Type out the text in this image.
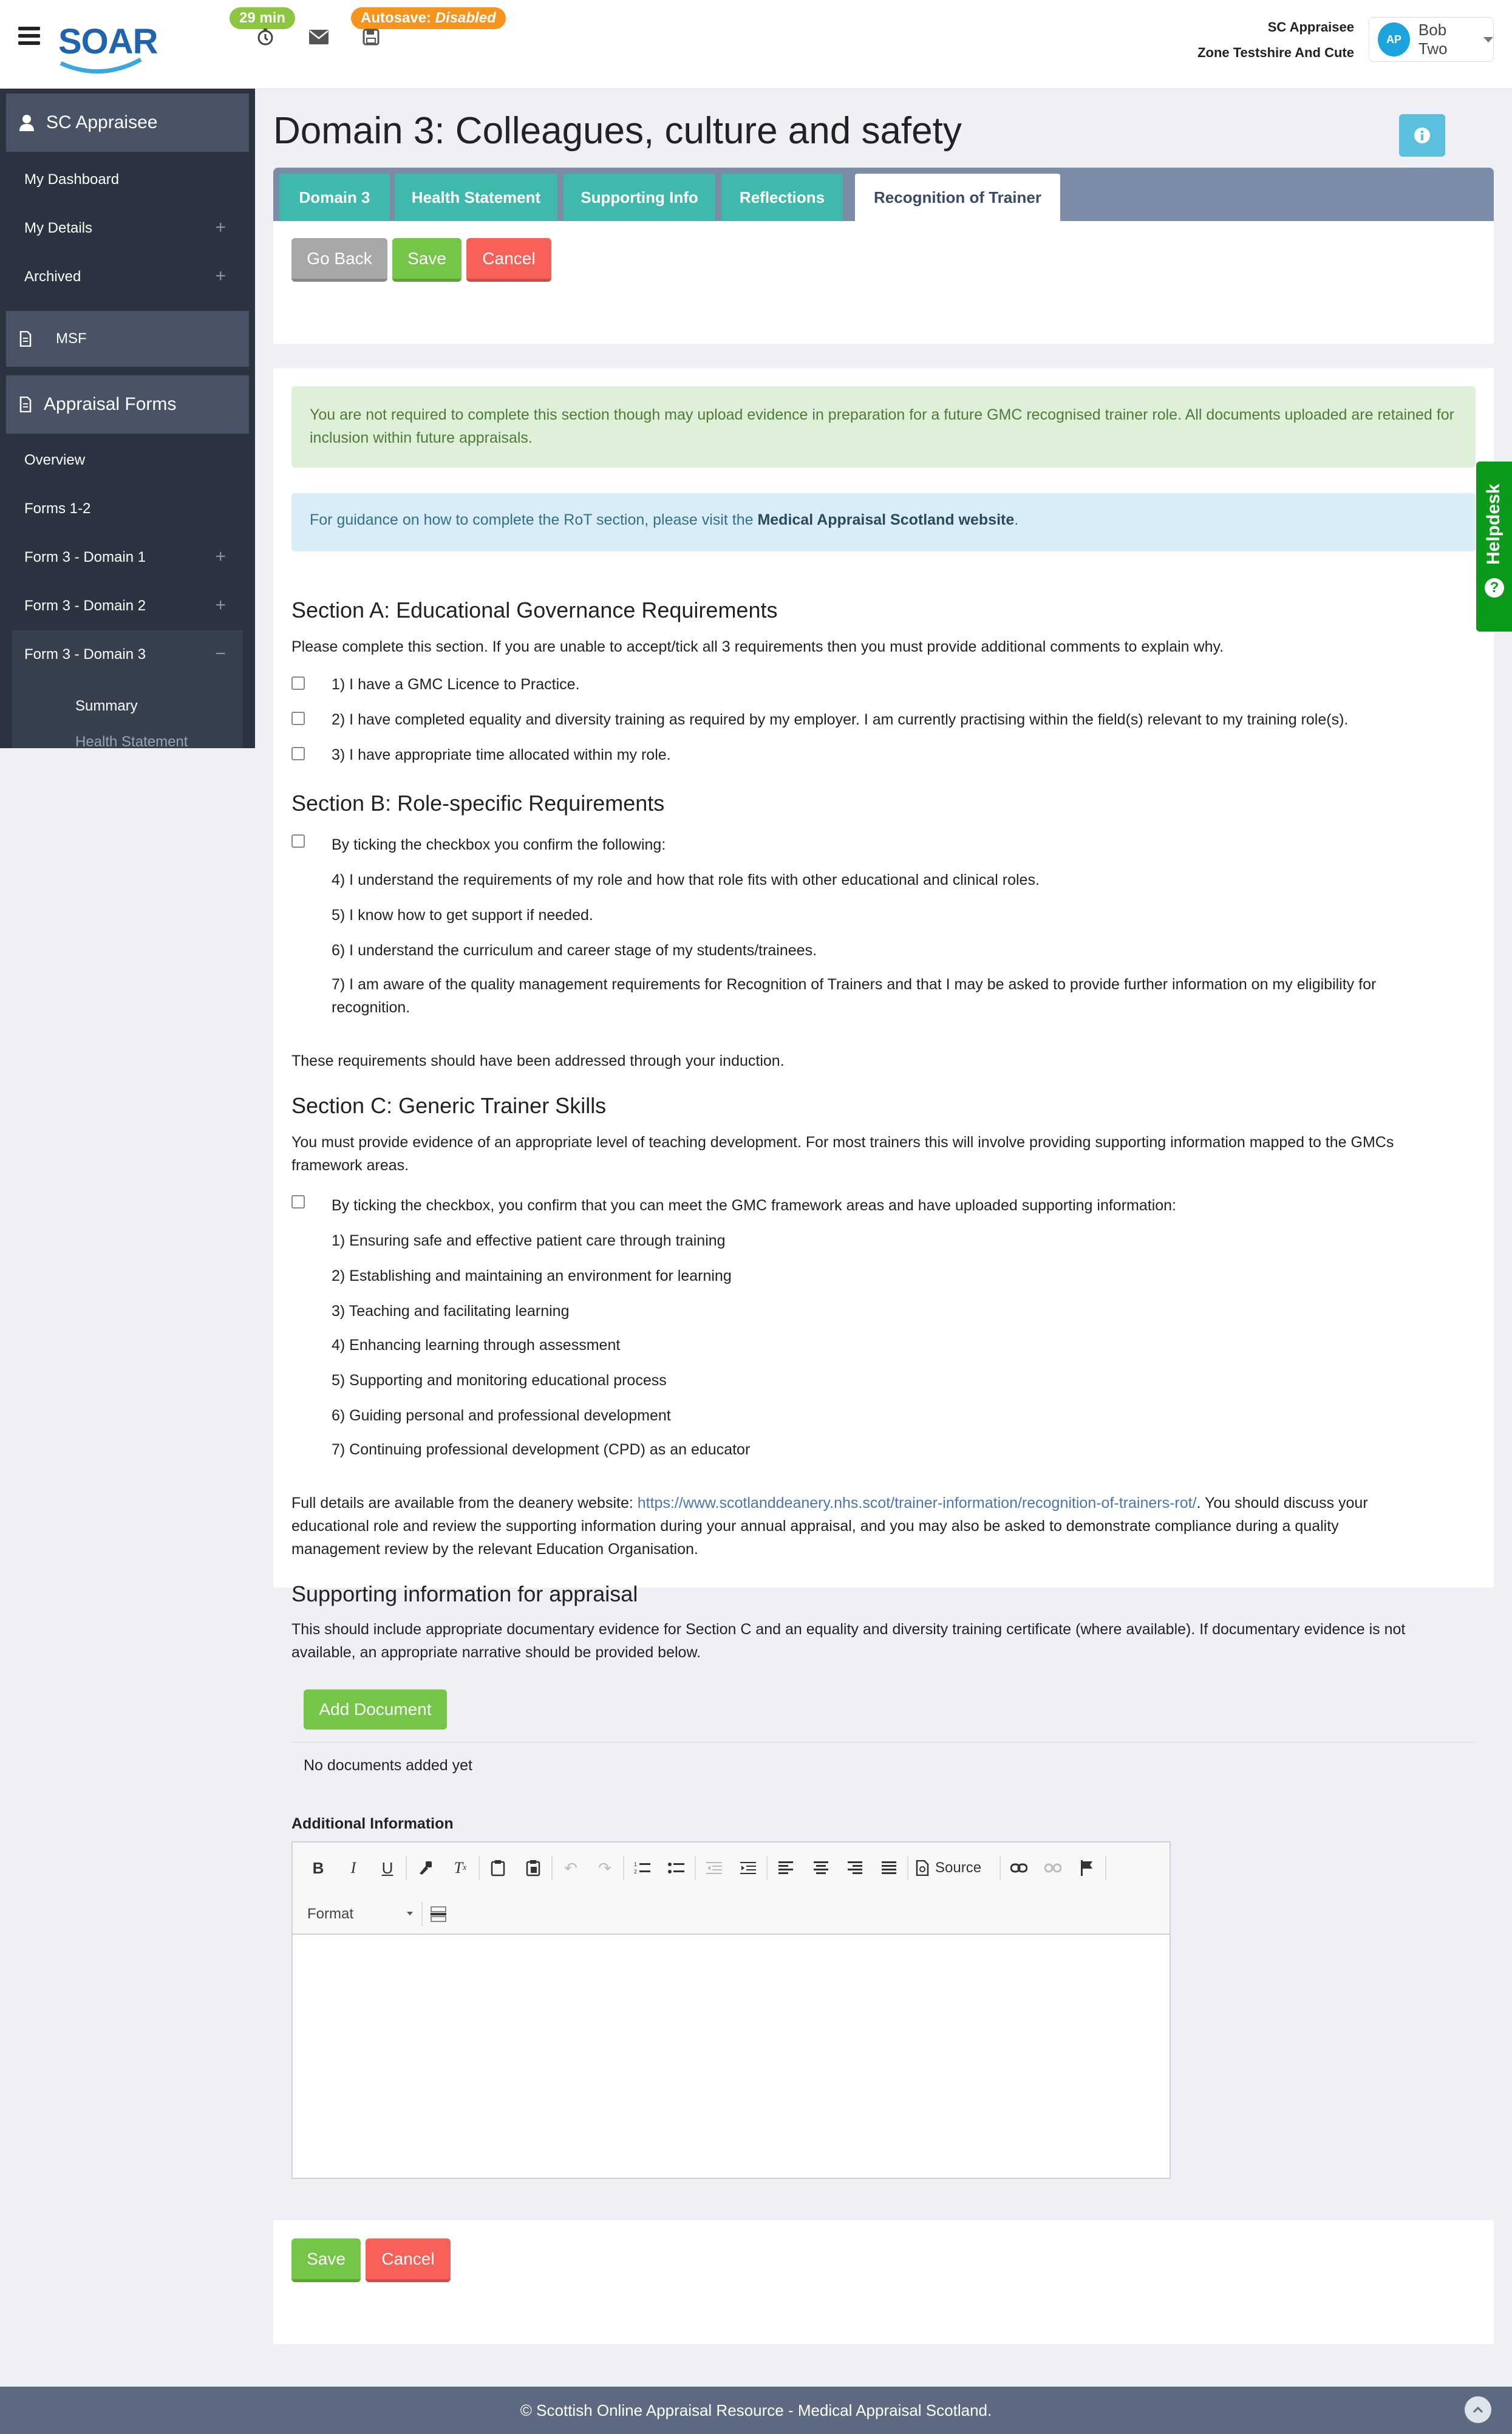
SOAR
29 min	Autosave: Disabled
SC Appraisee
Zone Testshire And Cute
AP
Bob Two
SC Appraisee
My Dashboard
My Details	+
Archived	+
MSF
Appraisal Forms
Overview
Forms 1-2
Form 3 - Domain 1	+
Form 3 - Domain 2	+
Form 3 - Domain 3	−
Summary
Health Statement
Domain 3: Colleagues, culture and safety
Domain 3	Health Statement	Supporting Info	Reflections	Recognition of Trainer
Go Back	Save	Cancel
You are not required to complete this section though may upload evidence in preparation for a future GMC recognised trainer role. All documents uploaded are retained for inclusion within future appraisals.
For guidance on how to complete the RoT section, please visit the Medical Appraisal Scotland website.
?
Helpdesk
Section A: Educational Governance Requirements
Please complete this section. If you are unable to accept/tick all 3 requirements then you must provide additional comments to explain why.
1) I have a GMC Licence to Practice.
2) I have completed equality and diversity training as required by my employer. I am currently practising within the field(s) relevant to my training role(s).
3) I have appropriate time allocated within my role.
Section B: Role-specific Requirements
By ticking the checkbox you confirm the following:
4) I understand the requirements of my role and how that role fits with other educational and clinical roles.
5) I know how to get support if needed.
6) I understand the curriculum and career stage of my students/trainees.
7) I am aware of the quality management requirements for Recognition of Trainers and that I may be asked to provide further information on my eligibility for
recognition.
These requirements should have been addressed through your induction.
Section C: Generic Trainer Skills
You must provide evidence of an appropriate level of teaching development. For most trainers this will involve providing supporting information mapped to the GMCs
framework areas.
By ticking the checkbox, you confirm that you can meet the GMC framework areas and have uploaded supporting information:
1) Ensuring safe and effective patient care through training
2) Establishing and maintaining an environment for learning
3) Teaching and facilitating learning
4) Enhancing learning through assessment
5) Supporting and monitoring educational process
6) Guiding personal and professional development
7) Continuing professional development (CPD) as an educator
Full details are available from the deanery website: https://www.scotlanddeanery.nhs.scot/trainer-information/recognition-of-trainers-rot/. You should discuss your
educational role and review the supporting information during your annual appraisal, and you may also be asked to demonstrate compliance during a quality
management review by the relevant Education Organisation.
Supporting information for appraisal
This should include appropriate documentary evidence for Section C and an equality and diversity training certificate (where available). If documentary evidence is not
available, an appropriate narrative should be provided below.
Add Document
No documents added yet
Additional Information
B	I	U	T x	↶	↷	1
2	Source
Format
Save	Cancel
© Scottish Online Appraisal Resource - Medical Appraisal Scotland.
